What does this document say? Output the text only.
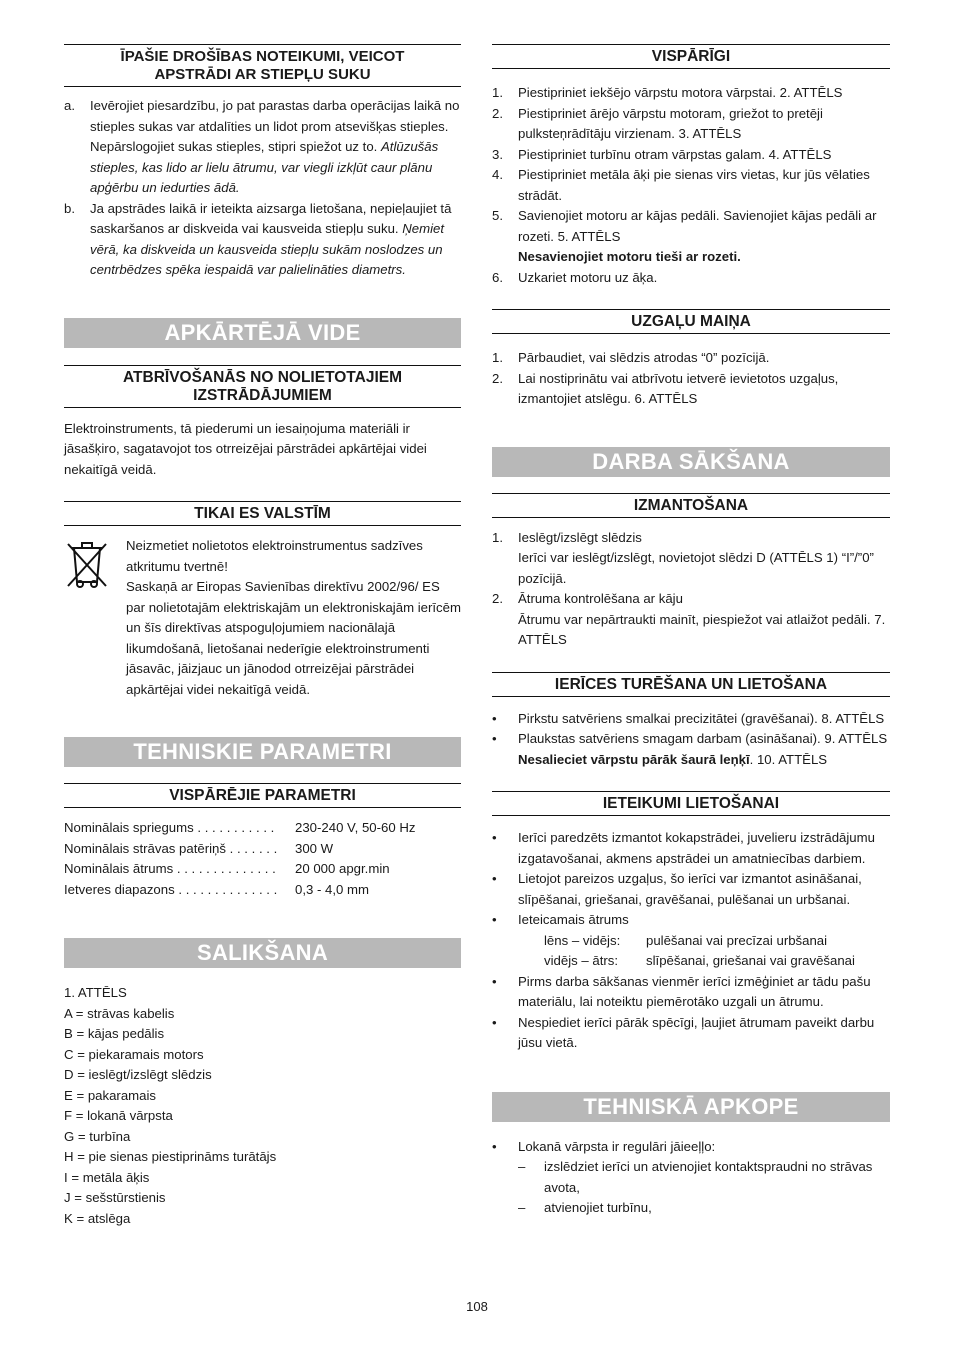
ĪPAŠIE DROŠĪBAS NOTEIKUMI, VEICOT
APSTRĀDI AR STIEPĻU SUKU
a.	Ievērojiet piesardzību, jo pat parastas darba operācijas laikā no stieples sukas var atdalīties un lidot prom atsevišķas stieples. Nepārslogojiet sukas stieples, stipri spiežot uz to. Atlūzušās stieples, kas lido ar lielu ātrumu, var viegli izkļūt caur plānu apģērbu un iedurties ādā.
b.	Ja apstrādes laikā ir ieteikta aizsarga lietošana, nepieļaujiet tā saskaršanos ar diskveida vai kausveida stiepļu suku. Ņemiet vērā, ka diskveida un kausveida stiepļu sukām noslodzes un centrbēdzes spēka iespaidā var palielināties diametrs.
APKĀRTĒJĀ VIDE
ATBRĪVOŠANĀS NO NOLIETOTAJIEM
IZSTRĀDĀJUMIEM
Elektroinstruments, tā piederumi un iesaiņojuma materiāli ir jāsašķiro, sagatavojot tos otrreizējai pārstrādei apkārtējai videi nekaitīgā veidā.
TIKAI ES VALSTĪM
Neizmetiet nolietotos elektroinstrumentus sadzīves atkritumu tvertnē!
Saskaņā ar Eiropas Savienības direktīvu 2002/96/ ES par nolietotajām elektriskajām un elektroniskajām ierīcēm un šīs direktīvas atspoguļojumiem nacionālajā likumdošanā, lietošanai nederīgie elektroinstrumenti jāsavāc, jāizjauc un jānodod otrreizējai pārstrādei apkārtējai videi nekaitīgā veidā.
TEHNISKIE PARAMETRI
VISPĀRĒJIE PARAMETRI
Nominālais spriegums . . . . . . . . . . .	230-240 V, 50-60 Hz
Nominālais strāvas patēriņš . . . . . . .	300 W
Nominālais ātrums . . . . . . . . . . . . . .	20 000 apgr.min
Ietveres diapazons . . . . . . . . . . . . . .	0,3 - 4,0 mm
SALIKŠANA
1. ATTĒLS
A = strāvas kabelis
B = kājas pedālis
C = piekaramais motors
D = ieslēgt/izslēgt slēdzis
E = pakaramais
F = lokanā vārpsta
G = turbīna
H = pie sienas piestiprināms turātājs
I = metāla āķis
J = sešstūrstienis
K = atslēga
VISPĀRĪGI
1.	Piestipriniet iekšējo vārpstu motora vārpstai. 2. ATTĒLS
2.	Piestipriniet ārējo vārpstu motoram, griežot to pretēji pulksteņrādītāju virzienam. 3. ATTĒLS
3.	Piestipriniet turbīnu otram vārpstas galam. 4. ATTĒLS
4.	Piestipriniet metāla āķi pie sienas virs vietas, kur jūs vēlaties strādāt.
5.	Savienojiet motoru ar kājas pedāli. Savienojiet kājas pedāli ar rozeti. 5. ATTĒLS
Nesavienojiet motoru tieši ar rozeti.
6.	Uzkariet motoru uz āķa.
UZGAĻU MAIŅA
1.	Pārbaudiet, vai slēdzis atrodas “0” pozīcijā.
2.	Lai nostiprinātu vai atbrīvotu ietverē ievietotos uzgaļus, izmantojiet atslēgu. 6. ATTĒLS
DARBA SĀKŠANA
IZMANTOŠANA
1.	Ieslēgt/izslēgt slēdzis
Ierīci var ieslēgt/izslēgt, novietojot slēdzi D (ATTĒLS 1) “I”/”0” pozīcijā.
2.	Ātruma kontrolēšana ar kāju
Ātrumu var nepārtraukti mainīt, piespiežot vai atlaižot pedāli. 7. ATTĒLS
IERĪCES TURĒŠANA UN LIETOŠANA
•	Pirkstu satvēriens smalkai precizitātei (gravēšanai). 8. ATTĒLS
•	Plaukstas satvēriens smagam darbam (asināšanai). 9. ATTĒLS
Nesalieciet vārpstu pārāk šaurā leņķī. 10. ATTĒLS
IETEIKUMI LIETOŠANAI
•	Ierīci paredzēts izmantot kokapstrādei, juvelieru izstrādājumu izgatavošanai, akmens apstrādei un amatniecības darbiem.
•	Lietojot pareizos uzgaļus, šo ierīci var izmantot asināšanai, slīpēšanai, griešanai, gravēšanai, pulēšanai un urbšanai.
•	Ieteicamais ātrums
lēns – vidējs:	pulēšanai vai precīzai urbšanai
vidējs – ātrs:	slīpēšanai, griešanai vai gravēšanai
•	Pirms darba sākšanas vienmēr ierīci izmēģiniet ar tādu pašu materiālu, lai noteiktu piemērotāko uzgali un ātrumu.
•	Nespiediet ierīci pārāk spēcīgi, ļaujiet ātrumam paveikt darbu jūsu vietā.
TEHNISKĀ APKOPE
•	Lokanā vārpsta ir regulāri jāieeļļo:
–	izslēdziet ierīci un atvienojiet kontaktspraudni no strāvas avota,
–	atvienojiet turbīnu,
108
